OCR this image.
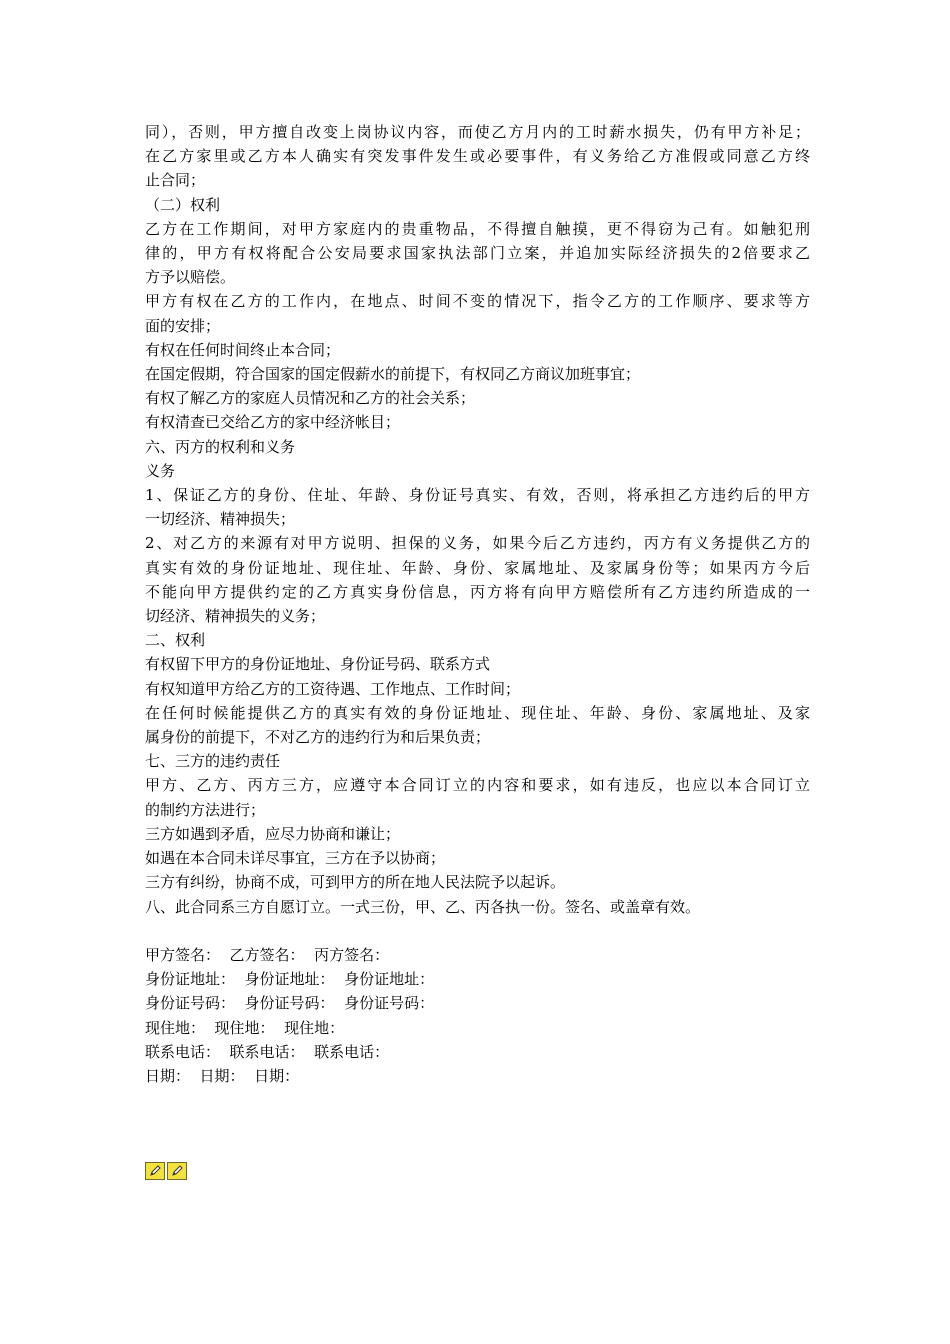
同），否则，甲方擅自改变上岗协议内容，而使乙方月内的工时薪水损失，仍有甲方补足；
在乙方家里或乙方本人确实有突发事件发生或必要事件，有义务给乙方准假或同意乙方终
止合同；
（二）权利
乙方在工作期间，对甲方家庭内的贵重物品，不得擅自触摸，更不得窃为己有。如触犯刑
律的，甲方有权将配合公安局要求国家执法部门立案，并追加实际经济损失的2倍要求乙
方予以赔偿。
甲方有权在乙方的工作内，在地点、时间不变的情况下，指令乙方的工作顺序、要求等方
面的安排；
有权在任何时间终止本合同；
在国定假期，符合国家的国定假薪水的前提下，有权同乙方商议加班事宜；
有权了解乙方的家庭人员情况和乙方的社会关系；
有权清查已交给乙方的家中经济帐目；
六、丙方的权利和义务
义务
1、保证乙方的身份、住址、年龄、身份证号真实、有效，否则，将承担乙方违约后的甲方
一切经济、精神损失；
2、对乙方的来源有对甲方说明、担保的义务，如果今后乙方违约，丙方有义务提供乙方的
真实有效的身份证地址、现住址、年龄、身份、家属地址、及家属身份等；如果丙方今后
不能向甲方提供约定的乙方真实身份信息，丙方将有向甲方赔偿所有乙方违约所造成的一
切经济、精神损失的义务；
二、权利
有权留下甲方的身份证地址、身份证号码、联系方式
有权知道甲方给乙方的工资待遇、工作地点、工作时间；
在任何时候能提供乙方的真实有效的身份证地址、现住址、年龄、身份、家属地址、及家
属身份的前提下，不对乙方的违约行为和后果负责；
七、三方的违约责任
甲方、乙方、丙方三方，应遵守本合同订立的内容和要求，如有违反，也应以本合同订立
的制约方法进行；
三方如遇到矛盾，应尽力协商和谦让；
如遇在本合同未详尽事宜，三方在予以协商；
三方有纠纷，协商不成，可到甲方的所在地人民法院予以起诉。
八、此合同系三方自愿订立。一式三份，甲、乙、丙各执一份。签名、或盖章有效。
甲方签名：  乙方签名：  丙方签名：
身份证地址：  身份证地址：  身份证地址：
身份证号码：  身份证号码：  身份证号码：
现住地：  现住地：  现住地：
联系电话：  联系电话：  联系电话：
日期：  日期：  日期：
